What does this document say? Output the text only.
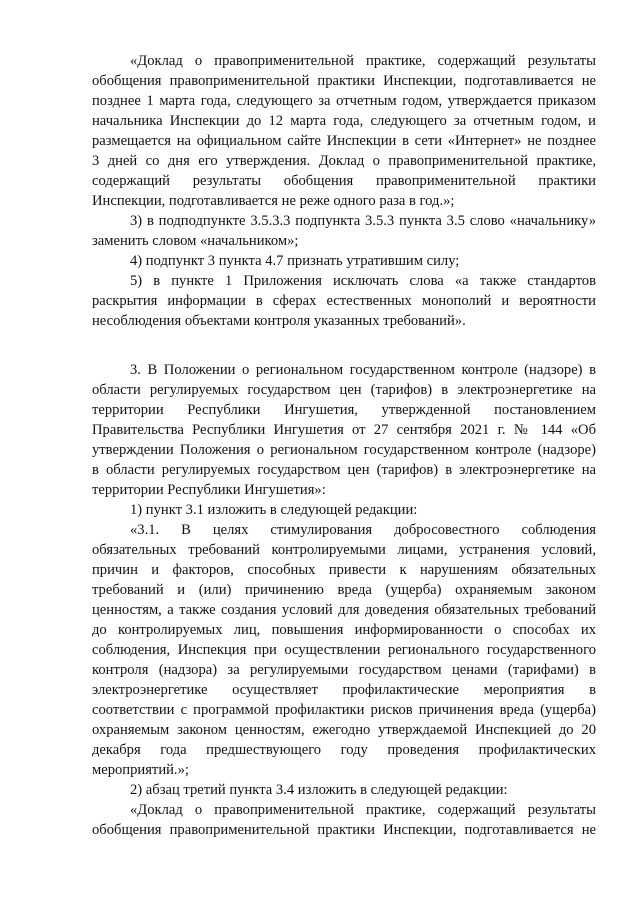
«Доклад о правоприменительной практике, содержащий результаты
обобщения правоприменительной практики Инспекции, подготавливается не
позднее 1 марта года, следующего за отчетным годом, утверждается приказом
начальника Инспекции до 12 марта года, следующего за отчетным годом, и
размещается на официальном сайте Инспекции в сети «Интернет» не позднее
3 дней со дня его утверждения. Доклад о правоприменительной практике,
содержащий результаты обобщения правоприменительной практики
Инспекции, подготавливается не реже одного раза в год.»;
3) в подподпункте 3.5.3.3 подпункта 3.5.3 пункта 3.5 слово «начальнику»
заменить словом «начальником»;
4) подпункт 3 пункта 4.7 признать утратившим силу;
5) в пункте 1 Приложения исключать слова «а также стандартов
раскрытия информации в сферах естественных монополий и вероятности
несоблюдения объектами контроля указанных требований».
3. В Положении о региональном государственном контроле (надзоре) в
области регулируемых государством цен (тарифов) в электроэнергетике на
территории Республики Ингушетия, утвержденной постановлением
Правительства Республики Ингушетия от 27 сентября 2021 г. № 144 «Об
утверждении Положения о региональном государственном контроле (надзоре)
в области регулируемых государством цен (тарифов) в электроэнергетике на
территории Республики Ингушетия»:
1) пункт 3.1 изложить в следующей редакции:
«3.1. В целях стимулирования добросовестного соблюдения
обязательных требований контролируемыми лицами, устранения условий,
причин и факторов, способных привести к нарушениям обязательных
требований и (или) причинению вреда (ущерба) охраняемым законом
ценностям, а также создания условий для доведения обязательных требований
до контролируемых лиц, повышения информированности о способах их
соблюдения, Инспекция при осуществлении регионального государственного
контроля (надзора) за регулируемыми государством ценами (тарифами) в
электроэнергетике осуществляет профилактические мероприятия в
соответствии с программой профилактики рисков причинения вреда (ущерба)
охраняемым законом ценностям, ежегодно утверждаемой Инспекцией до 20
декабря года предшествующего году проведения профилактических
мероприятий.»;
2) абзац третий пункта 3.4 изложить в следующей редакции:
«Доклад о правоприменительной практике, содержащий результаты
обобщения правоприменительной практики Инспекции, подготавливается не
